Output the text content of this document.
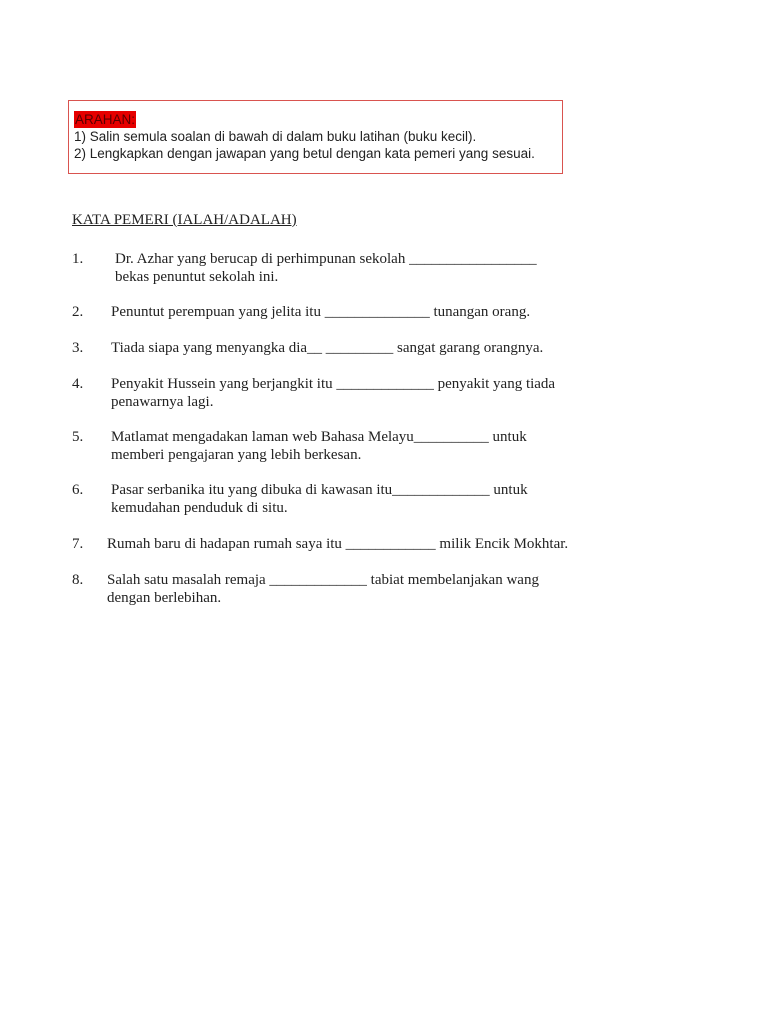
ARAHAN:
1) Salin semula soalan di bawah di dalam buku latihan (buku kecil).
2) Lengkapkan dengan jawapan yang betul dengan kata pemeri yang sesuai.
KATA PEMERI (IALAH/ADALAH)
1. Dr. Azhar yang berucap di perhimpunan sekolah _________________
bekas penuntut sekolah ini.
2. Penuntut perempuan yang jelita itu ______________ tunangan orang.
3. Tiada siapa yang menyangka dia__ _________ sangat garang orangnya.
4. Penyakit Hussein yang berjangkit itu _____________ penyakit yang tiada
penawarnya lagi.
5. Matlamat mengadakan laman web Bahasa Melayu__________ untuk
memberi pengajaran yang lebih berkesan.
6. Pasar serbanika itu yang dibuka di kawasan itu_____________ untuk
kemudahan penduduk di situ.
7. Rumah baru di hadapan rumah saya itu ____________ milik Encik Mokhtar.
8. Salah satu masalah remaja _____________ tabiat membelanjakan wang
dengan berlebihan.
